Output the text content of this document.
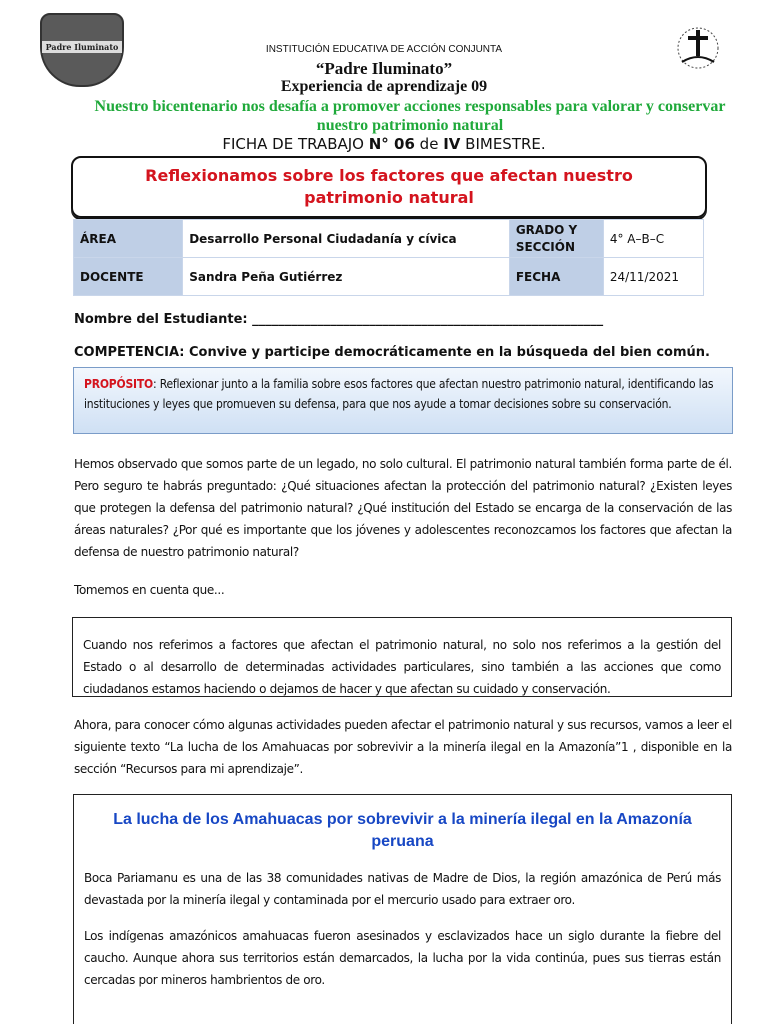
Padre Iluminato	INSTITUCIÓN EDUCATIVA DE ACCIÓN CONJUNTA
“Padre Iluminato”
Experiencia de aprendizaje 09
Nuestro bicentenario nos desafía a promover acciones responsables para valorar y conservar nuestro patrimonio natural
FICHA DE TRABAJO N° 06 de IV BIMESTRE.
Reflexionamos sobre los factores que afectan nuestro patrimonio natural
ÁREA	Desarrollo Personal Ciudadanía y cívica	GRADO Y SECCIÓN	4° A–B–C
DOCENTE	Sandra Peña Gutiérrez	FECHA	24/11/2021
Nombre del Estudiante: ______________________________________________________
COMPETENCIA: Convive y participe democráticamente en la búsqueda del bien común.
PROPÓSITO: Reflexionar junto a la familia sobre esos factores que afectan nuestro patrimonio natural, identificando las instituciones y leyes que promueven su defensa, para que nos ayude a tomar decisiones sobre su conservación.
Hemos observado que somos parte de un legado, no solo cultural. El patrimonio natural también forma parte de él. Pero seguro te habrás preguntado: ¿Qué situaciones afectan la protección del patrimonio natural? ¿Existen leyes que protegen la defensa del patrimonio natural? ¿Qué institución del Estado se encarga de la conservación de las áreas naturales? ¿Por qué es importante que los jóvenes y adolescentes reconozcamos los factores que afectan la defensa de nuestro patrimonio natural?
Tomemos en cuenta que...
Cuando nos referimos a factores que afectan el patrimonio natural, no solo nos referimos a la gestión del Estado o al desarrollo de determinadas actividades particulares, sino también a las acciones que como ciudadanos estamos haciendo o dejamos de hacer y que afectan su cuidado y conservación.
Ahora, para conocer cómo algunas actividades pueden afectar el patrimonio natural y sus recursos, vamos a leer el siguiente texto “La lucha de los Amahuacas por sobrevivir a la minería ilegal en la Amazonía”1 , disponible en la sección “Recursos para mi aprendizaje”.
La lucha de los Amahuacas por sobrevivir a la minería ilegal en la Amazonía peruana
Boca Pariamanu es una de las 38 comunidades nativas de Madre de Dios, la región amazónica de Perú más devastada por la minería ilegal y contaminada por el mercurio usado para extraer oro.
Los indígenas amazónicos amahuacas fueron asesinados y esclavizados hace un siglo durante la fiebre del caucho. Aunque ahora sus territorios están demarcados, la lucha por la vida continúa, pues sus tierras están cercadas por mineros hambrientos de oro.
